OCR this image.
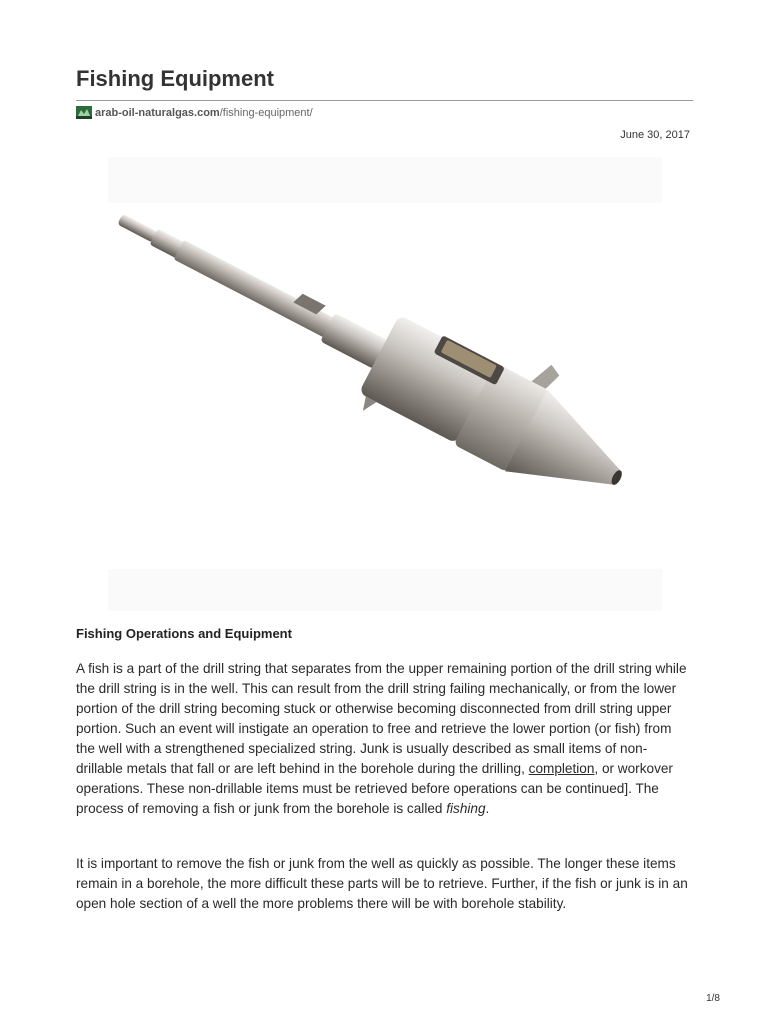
Fishing Equipment
arab-oil-naturalgas.com /fishing-equipment/
June 30, 2017
Fishing Operations and Equipment

A fish is a part of the drill string that separates from the upper remaining portion of the drill string while the drill string is in the well. This can result from the drill string failing mechanically, or from the lower portion of the drill string becoming stuck or otherwise becoming disconnected from drill string upper portion. Such an event will instigate an operation to free and retrieve the lower portion (or fish) from the well with a strengthened specialized string. Junk is usually described as small items of non-drillable metals that fall or are left behind in the borehole during the drilling, completion, or workover operations. These non-drillable items must be retrieved before operations can be continued]. The process of removing a fish or junk from the borehole is called fishing.

It is important to remove the fish or junk from the well as quickly as possible. The longer these items remain in a borehole, the more difficult these parts will be to retrieve. Further, if the fish or junk is in an open hole section of a well the more problems there will be with borehole stability.

1/8
